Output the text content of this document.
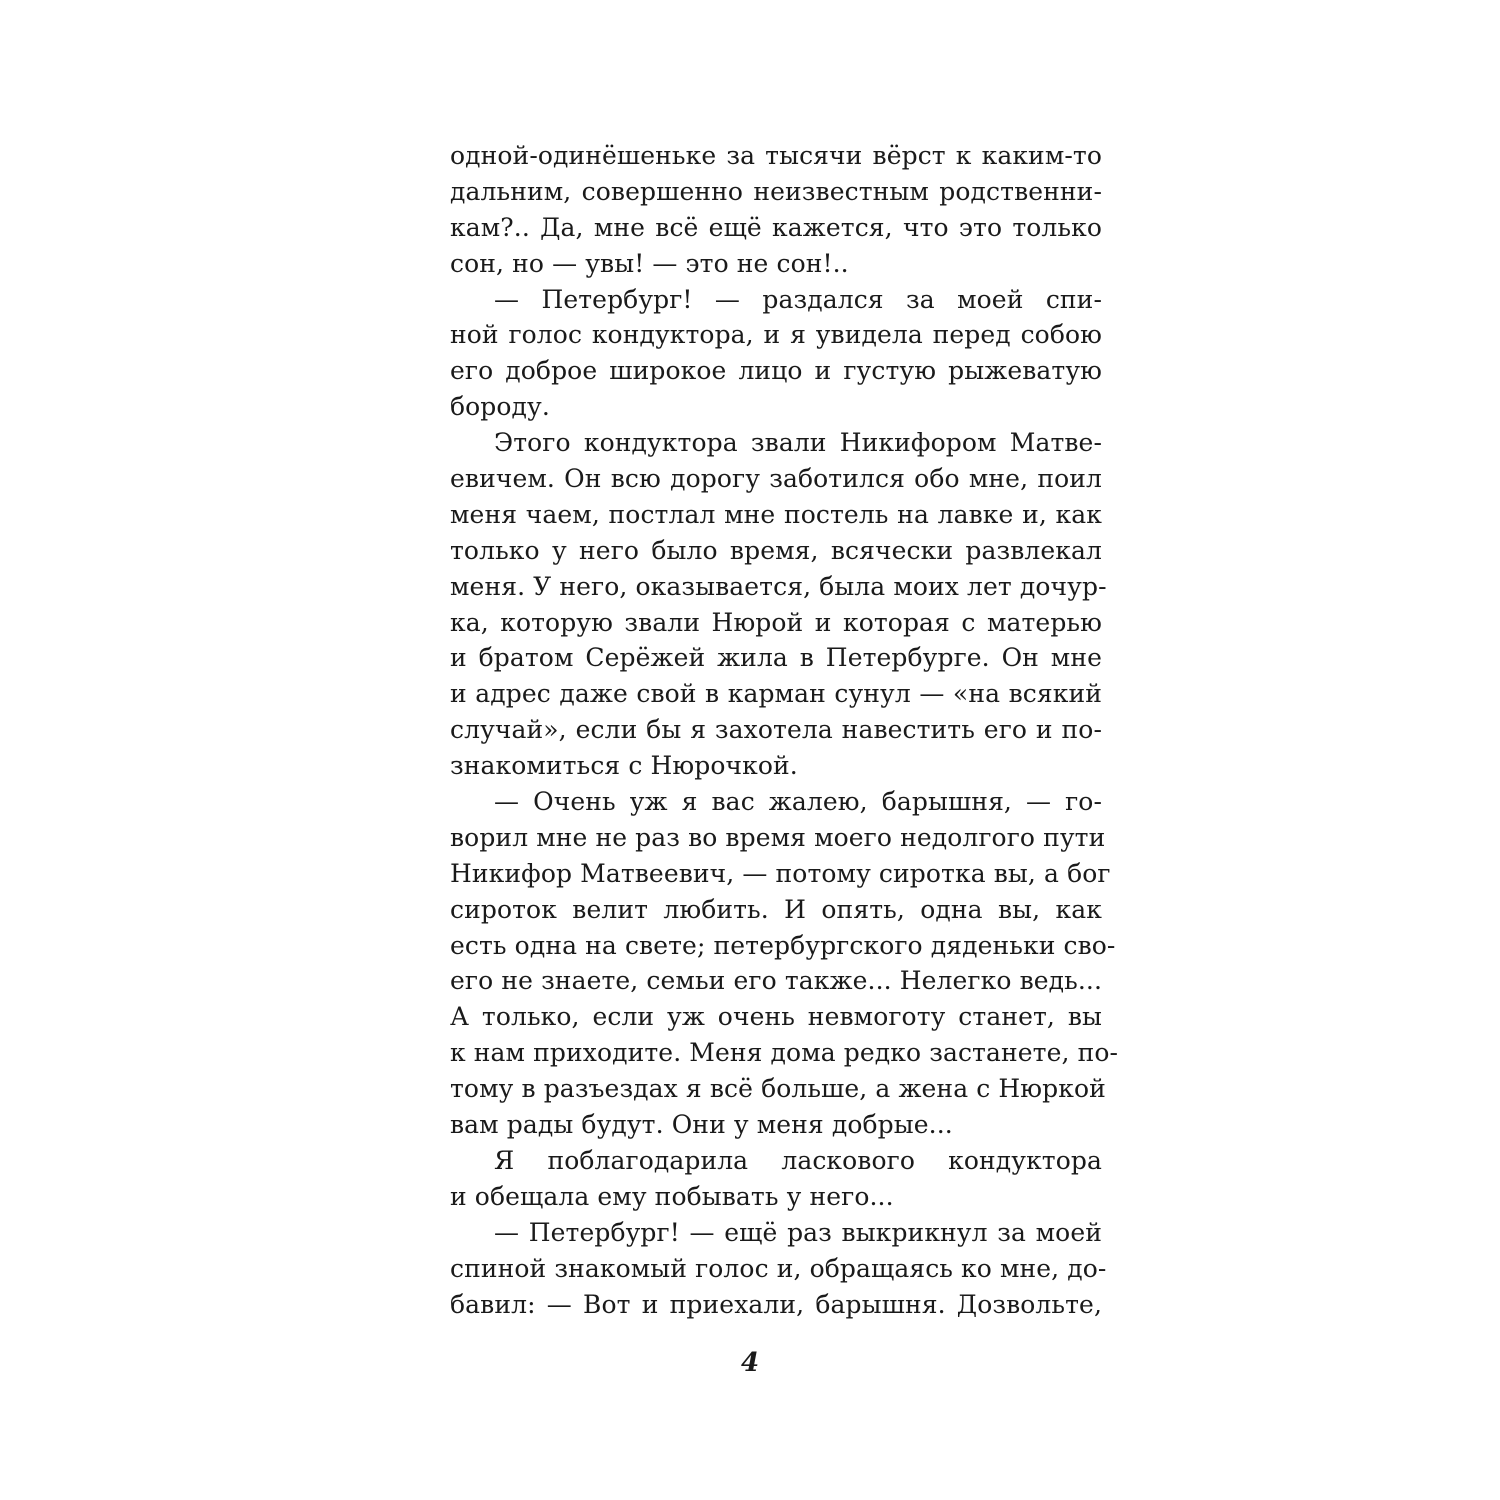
одной-одинёшеньке за тысячи вёрст к каким-то
дальним, совершенно неизвестным родственни-
кам?.. Да, мне всё ещё кажется, что это только
сон, но — увы! — это не сон!..
— Петербург! — раздался за моей спи-
ной голос кондуктора, и я увидела перед собою
его доброе широкое лицо и густую рыжеватую
бороду.
Этого кондуктора звали Никифором Матве-
евичем. Он всю дорогу заботился обо мне, поил
меня чаем, постлал мне постель на лавке и, как
только у него было время, всячески развлекал
меня. У него, оказывается, была моих лет дочур-
ка, которую звали Нюрой и которая с матерью
и братом Серёжей жила в Петербурге. Он мне
и адрес даже свой в карман сунул — «на всякий
случай», если бы я захотела навестить его и по-
знакомиться с Нюрочкой.
— Очень уж я вас жалею, барышня, — го-
ворил мне не раз во время моего недолгого пути
Никифор Матвеевич, — потому сиротка вы, а бог
сироток велит любить. И опять, одна вы, как
есть одна на свете; петербургского дяденьки сво-
его не знаете, семьи его также... Нелегко ведь...
А только, если уж очень невмоготу станет, вы
к нам приходите. Меня дома редко застанете, по-
тому в разъездах я всё больше, а жена с Нюркой
вам рады будут. Они у меня добрые...
Я поблагодарила ласкового кондуктора
и обещала ему побывать у него...
— Петербург! — ещё раз выкрикнул за моей
спиной знакомый голос и, обращаясь ко мне, до-
бавил: — Вот и приехали, барышня. Дозвольте,
4
